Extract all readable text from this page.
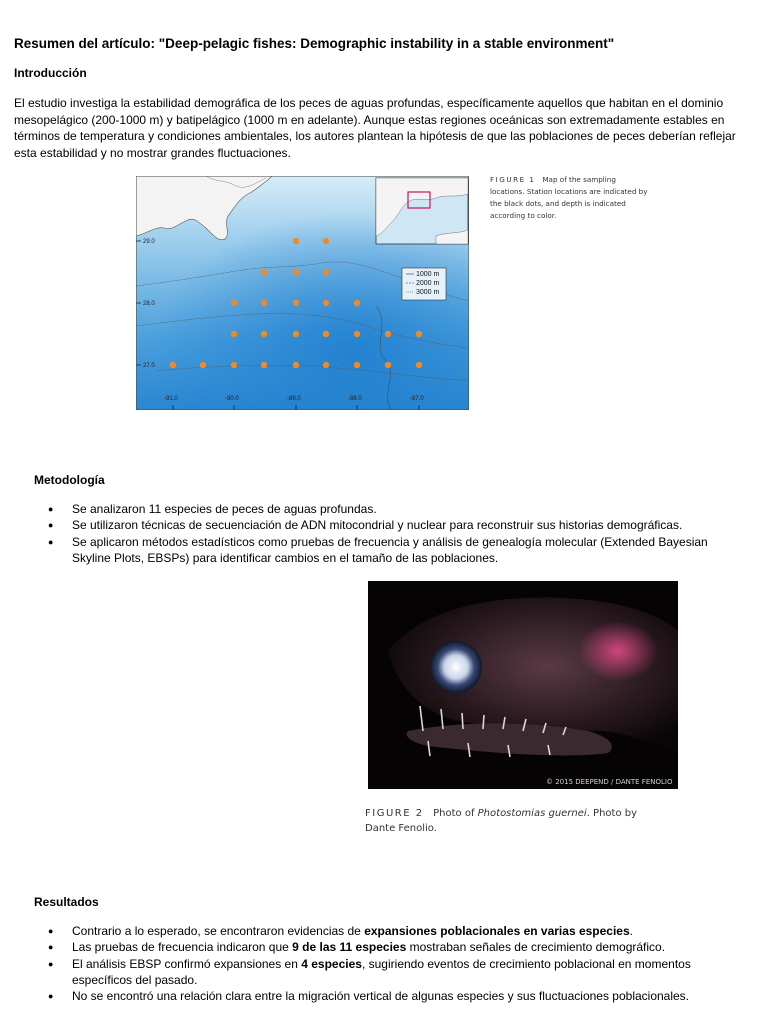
Resumen del artículo: "Deep-pelagic fishes: Demographic instability in a stable environment"
Introducción
El estudio investiga la estabilidad demográfica de los peces de aguas profundas, específicamente aquellos que habitan en el dominio mesopelágico (200-1000 m) y batipelágico (1000 m en adelante). Aunque estas regiones oceánicas son extremadamente estables en términos de temperatura y condiciones ambientales, los autores plantean la hipótesis de que las poblaciones de peces deberían reflejar esta estabilidad y no mostrar grandes fluctuaciones.
1000 m
2000 m
3000 m
29.0
28.0
27.0
-91.0	-90.0	-89.0	-88.0	-87.0
FIGURE 1 Map of the sampling locations. Station locations are indicated by the black dots, and depth is indicated according to color.
Metodología
● Se analizaron 11 especies de peces de aguas profundas.
● Se utilizaron técnicas de secuenciación de ADN mitocondrial y nuclear para reconstruir sus historias demográficas.
● Se aplicaron métodos estadísticos como pruebas de frecuencia y análisis de genealogía molecular (Extended Bayesian Skyline Plots, EBSPs) para identificar cambios en el tamaño de las poblaciones.
© 2015 DEEPEND / DANTE FENOLIO
FIGURE 2 Photo of Photostomias guernei. Photo by Dante Fenolio.
Resultados
● Contrario a lo esperado, se encontraron evidencias de expansiones poblacionales en varias especies.
● Las pruebas de frecuencia indicaron que 9 de las 11 especies mostraban señales de crecimiento demográfico.
● El análisis EBSP confirmó expansiones en 4 especies, sugiriendo eventos de crecimiento poblacional en momentos específicos del pasado.
● No se encontró una relación clara entre la migración vertical de algunas especies y sus fluctuaciones poblacionales.
